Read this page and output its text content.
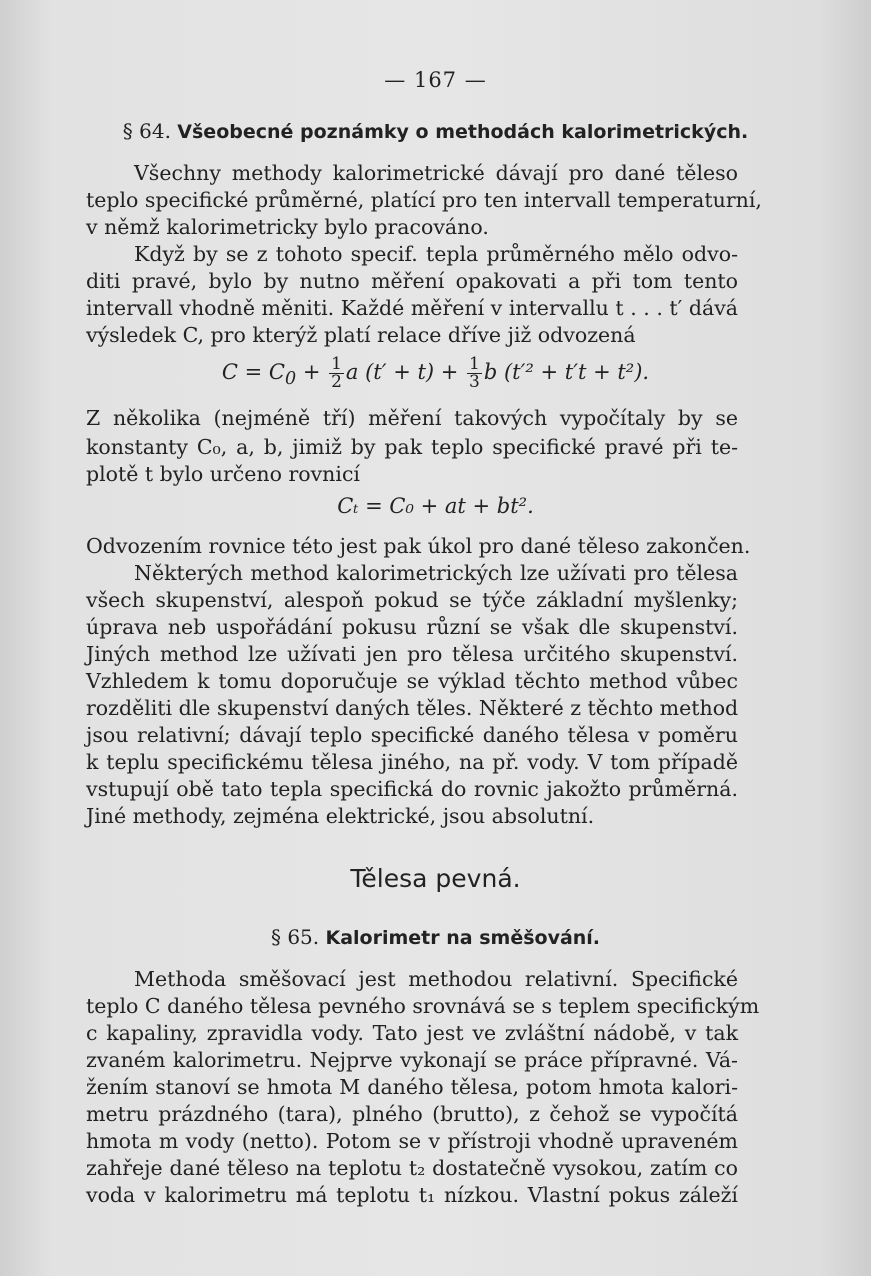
— 167 —
§ 64. Všeobecné poznámky o methodách kalorimetrických.
Všechny methody kalorimetrické dávají pro dané těleso
teplo specifické průměrné, platící pro ten intervall temperaturní,
v němž kalorimetricky bylo pracováno.
Když by se z tohoto specif. tepla průměrného mělo odvo-
diti pravé, bylo by nutno měření opakovati a při tom tento
intervall vhodně měniti. Každé měření v intervallu t . . . t′ dává
výsledek C, pro kterýž platí relace dříve již odvozená
$C = C_0 + \frac{1}{2}$ a $(t' + t) + \frac{1}{3}$ b (t′² + t′t + t²).
Z několika (nejméně tří) měření takových vypočítaly by se
konstanty C₀, a, b, jimiž by pak teplo specifické pravé při te-
plotě t bylo určeno rovnicí
Cₜ = C₀ + at + bt².
Odvozením rovnice této jest pak úkol pro dané těleso zakončen.
Některých method kalorimetrických lze užívati pro tělesa
všech skupenství, alespoň pokud se týče základní myšlenky;
úprava neb uspořádání pokusu různí se však dle skupenství.
Jiných method lze užívati jen pro tělesa určitého skupenství.
Vzhledem k tomu doporučuje se výklad těchto method vůbec
rozděliti dle skupenství daných těles. Některé z těchto method
jsou relativní; dávají teplo specifické daného tělesa v poměru
k teplu specifickému tělesa jiného, na př. vody. V tom případě
vstupují obě tato tepla specifická do rovnic jakožto průměrná.
Jiné methody, zejména elektrické, jsou absolutní.
Tělesa pevná.
§ 65. Kalorimetr na směšování.
Methoda směšovací jest methodou relativní. Specifické
teplo C daného tělesa pevného srovnává se s teplem specifickým
c kapaliny, zpravidla vody. Tato jest ve zvláštní nádobě, v tak
zvaném kalorimetru. Nejprve vykonají se práce přípravné. Vá-
žením stanoví se hmota M daného tělesa, potom hmota kalori-
metru prázdného (tara), plného (brutto), z čehož se vypočítá
hmota m vody (netto). Potom se v přístroji vhodně upraveném
zahřeje dané těleso na teplotu t₂ dostatečně vysokou, zatím co
voda v kalorimetru má teplotu t₁ nízkou. Vlastní pokus záleží
